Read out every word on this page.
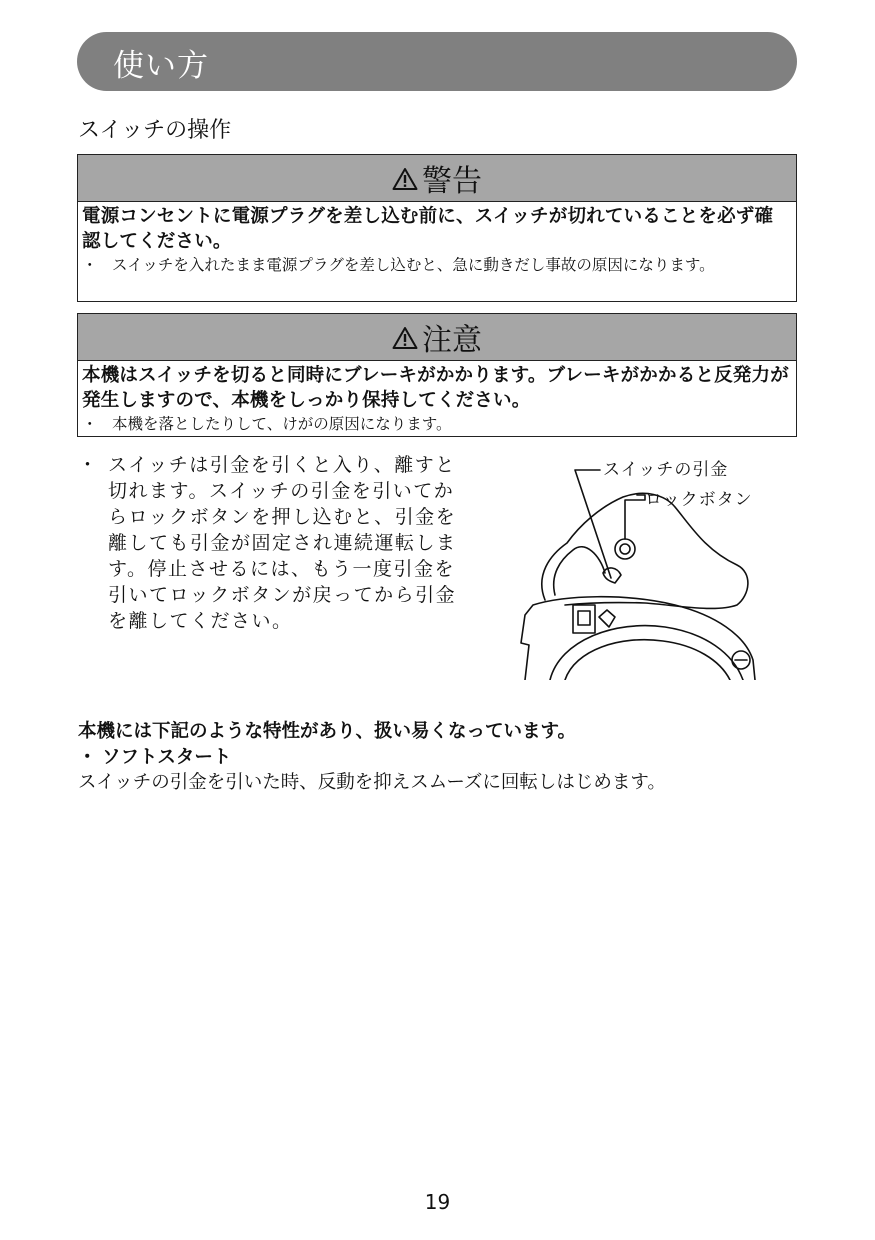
使い方
スイッチの操作
警告
電源コンセントに電源プラグを差し込む前に、スイッチが切れていることを必ず確認してください。
・ スイッチを入れたまま電源プラグを差し込むと、急に動きだし事故の原因になります。
注意
本機はスイッチを切ると同時にブレーキがかかります。ブレーキがかかると反発力が発生しますので、本機をしっかり保持してください。
・ 本機を落としたりして、けがの原因になります。
・ スイッチは引金を引くと入り、離すと切れます。スイッチの引金を引いてからロックボタンを押し込むと、引金を離しても引金が固定され連続運転します。停止させるには、もう一度引金を引いてロックボタンが戻ってから引金を離してください。
スイッチの引金
ロックボタン
本機には下記のような特性があり、扱い易くなっています。
・ ソフトスタート
スイッチの引金を引いた時、反動を抑えスムーズに回転しはじめます。
19
